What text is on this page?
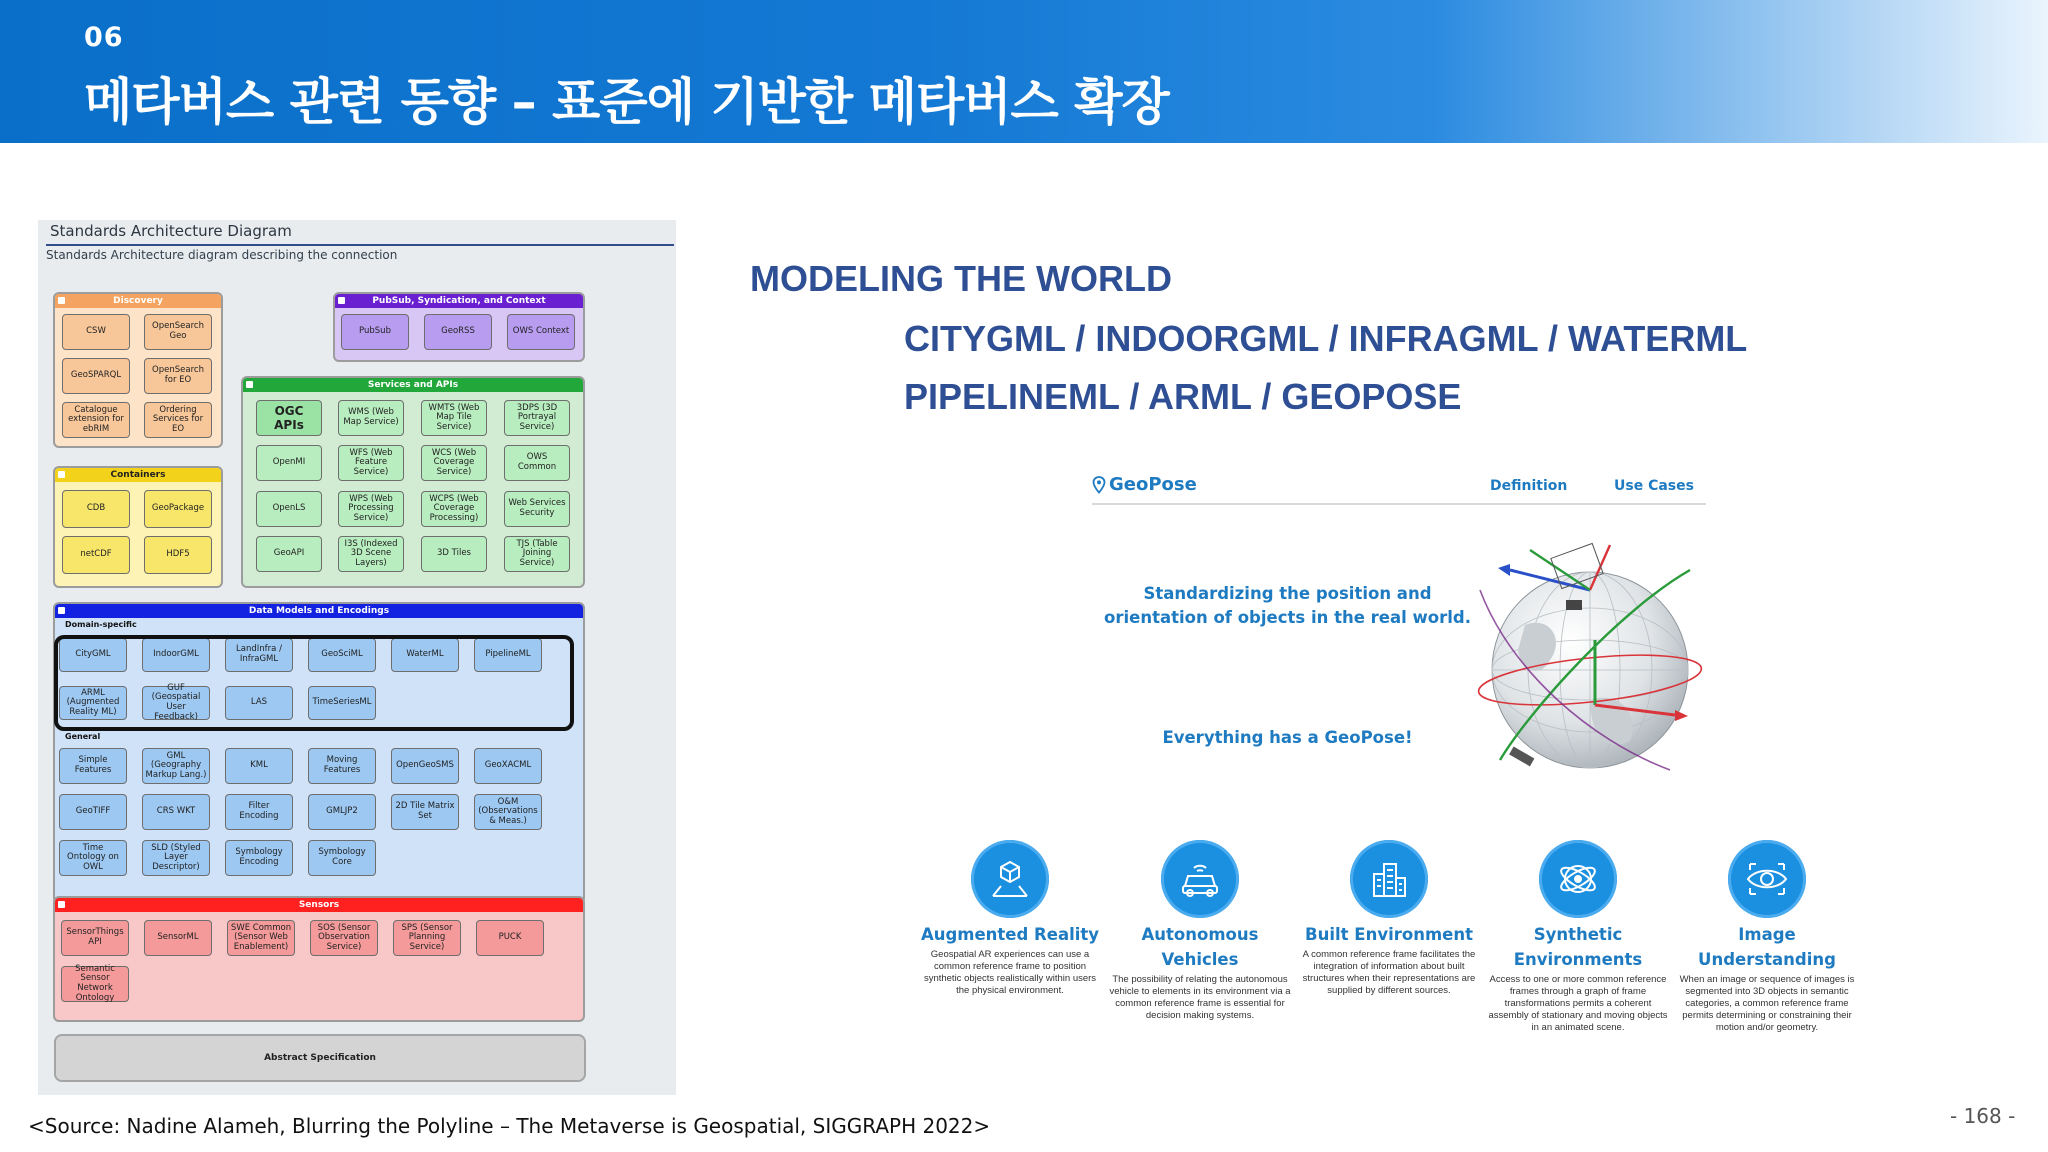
06
메타버스 관련 동향 – 표준에 기반한 메타버스 확장
Standards Architecture Diagram
Standards Architecture diagram describing the connection
Discovery
CSW	OpenSearch Geo
GeoSPARQL	OpenSearch for EO
Catalogue extension for ebRIM
Ordering Services for EO
PubSub, Syndication, and Context
PubSub	GeoRSS	OWS Context
Services and APIs
OGC APIs
WMS (Web Map Service)
WMTS (Web Map Tile Service)
3DPS (3D Portrayal Service)
OpenMI
WFS (Web Feature Service)
WCS (Web Coverage Service)
OWS Common
OpenLS
WPS (Web Processing Service)
WCPS (Web Coverage Processing)
Web Services Security
GeoAPI
I3S (Indexed 3D Scene Layers)
3D Tiles
TJS (Table Joining Service)
Containers
CDB	GeoPackage
netCDF	HDF5
Data Models and Encodings
Domain-specific
CityGML	IndoorGML	LandInfra / InfraGML	GeoSciML	WaterML	PipelineML
ARML (Augmented Reality ML)
GUF (Geospatial User Feedback)
LAS	TimeSeriesML
General
Simple Features
GML (Geography Markup Lang.)
KML	Moving Features	OpenGeoSMS	GeoXACML
GeoTIFF	CRS WKT	Filter Encoding	GMLJP2	2D Tile Matrix Set
O&M (Observations & Meas.)
Time Ontology on OWL
SLD (Styled Layer Descriptor)
Symbology Encoding
Symbology Core
Sensors
SensorThings API	SensorML
SWE Common (Sensor Web Enablement)
SOS (Sensor Observation Service)
SPS (Sensor Planning Service)
PUCK
Semantic Sensor Network Ontology
Abstract Specification
MODELING THE WORLD
CITYGML / INDOORGML / INFRAGML / WATERML
PIPELINEML / ARML / GEOPOSE
GeoPose	Definition	Use Cases
Standardizing the position and orientation of objects in the real world.
Everything has a GeoPose!
Augmented Reality
Geospatial AR experiences can use a common reference frame to position synthetic objects realistically within users the physical environment.
Autonomous Vehicles
The possibility of relating the autonomous vehicle to elements in its environment via a common reference frame is essential for decision making systems.
Built Environment
A common reference frame facilitates the integration of information about built structures when their representations are supplied by different sources.
Synthetic Environments
Access to one or more common reference frames through a graph of frame transformations permits a coherent assembly of stationary and moving objects in an animated scene.
Image Understanding
When an image or sequence of images is segmented into 3D objects in semantic categories, a common reference frame permits determining or constraining their motion and/or geometry.
<Source: Nadine Alameh, Blurring the Polyline – The Metaverse is Geospatial, SIGGRAPH 2022>	- 168 -
